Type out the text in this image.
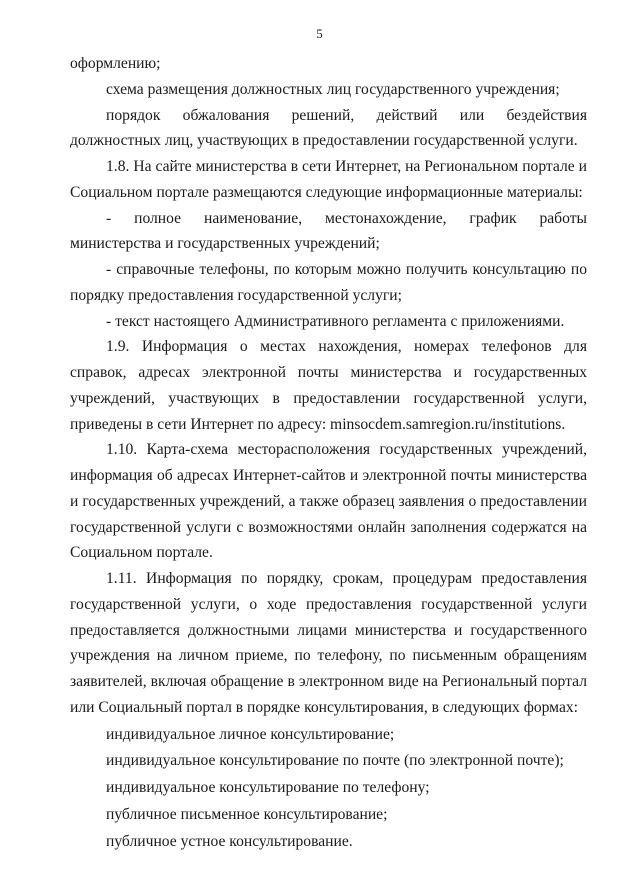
5

оформлению;

схема размещения должностных лиц государственного учреждения;

порядок обжалования решений, действий или бездействия должностных лиц, участвующих в предоставлении государственной услуги.

1.8. На сайте министерства в сети Интернет, на Региональном портале и Социальном портале размещаются следующие информационные материалы:

- полное наименование, местонахождение, график работы министерства и государственных учреждений;

- справочные телефоны, по которым можно получить консультацию по порядку предоставления государственной услуги;

- текст настоящего Административного регламента с приложениями.

1.9. Информация о местах нахождения, номерах телефонов для справок, адресах электронной почты министерства и государственных учреждений, участвующих в предоставлении государственной услуги, приведены в сети Интернет по адресу: minsocdem.samregion.ru/institutions.

1.10. Карта-схема месторасположения государственных учреждений, информация об адресах Интернет-сайтов и электронной почты министерства и государственных учреждений, а также образец заявления о предоставлении государственной услуги с возможностями онлайн заполнения содержатся на Социальном портале.

1.11. Информация по порядку, срокам, процедурам предоставления государственной услуги, о ходе предоставления государственной услуги предоставляется должностными лицами министерства и государственного учреждения на личном приеме, по телефону, по письменным обращениям заявителей, включая обращение в электронном виде на Региональный портал или Социальный портал в порядке консультирования, в следующих формах:

индивидуальное личное консультирование;

индивидуальное консультирование по почте (по электронной почте);

индивидуальное консультирование по телефону;

публичное письменное консультирование;

публичное устное консультирование.
